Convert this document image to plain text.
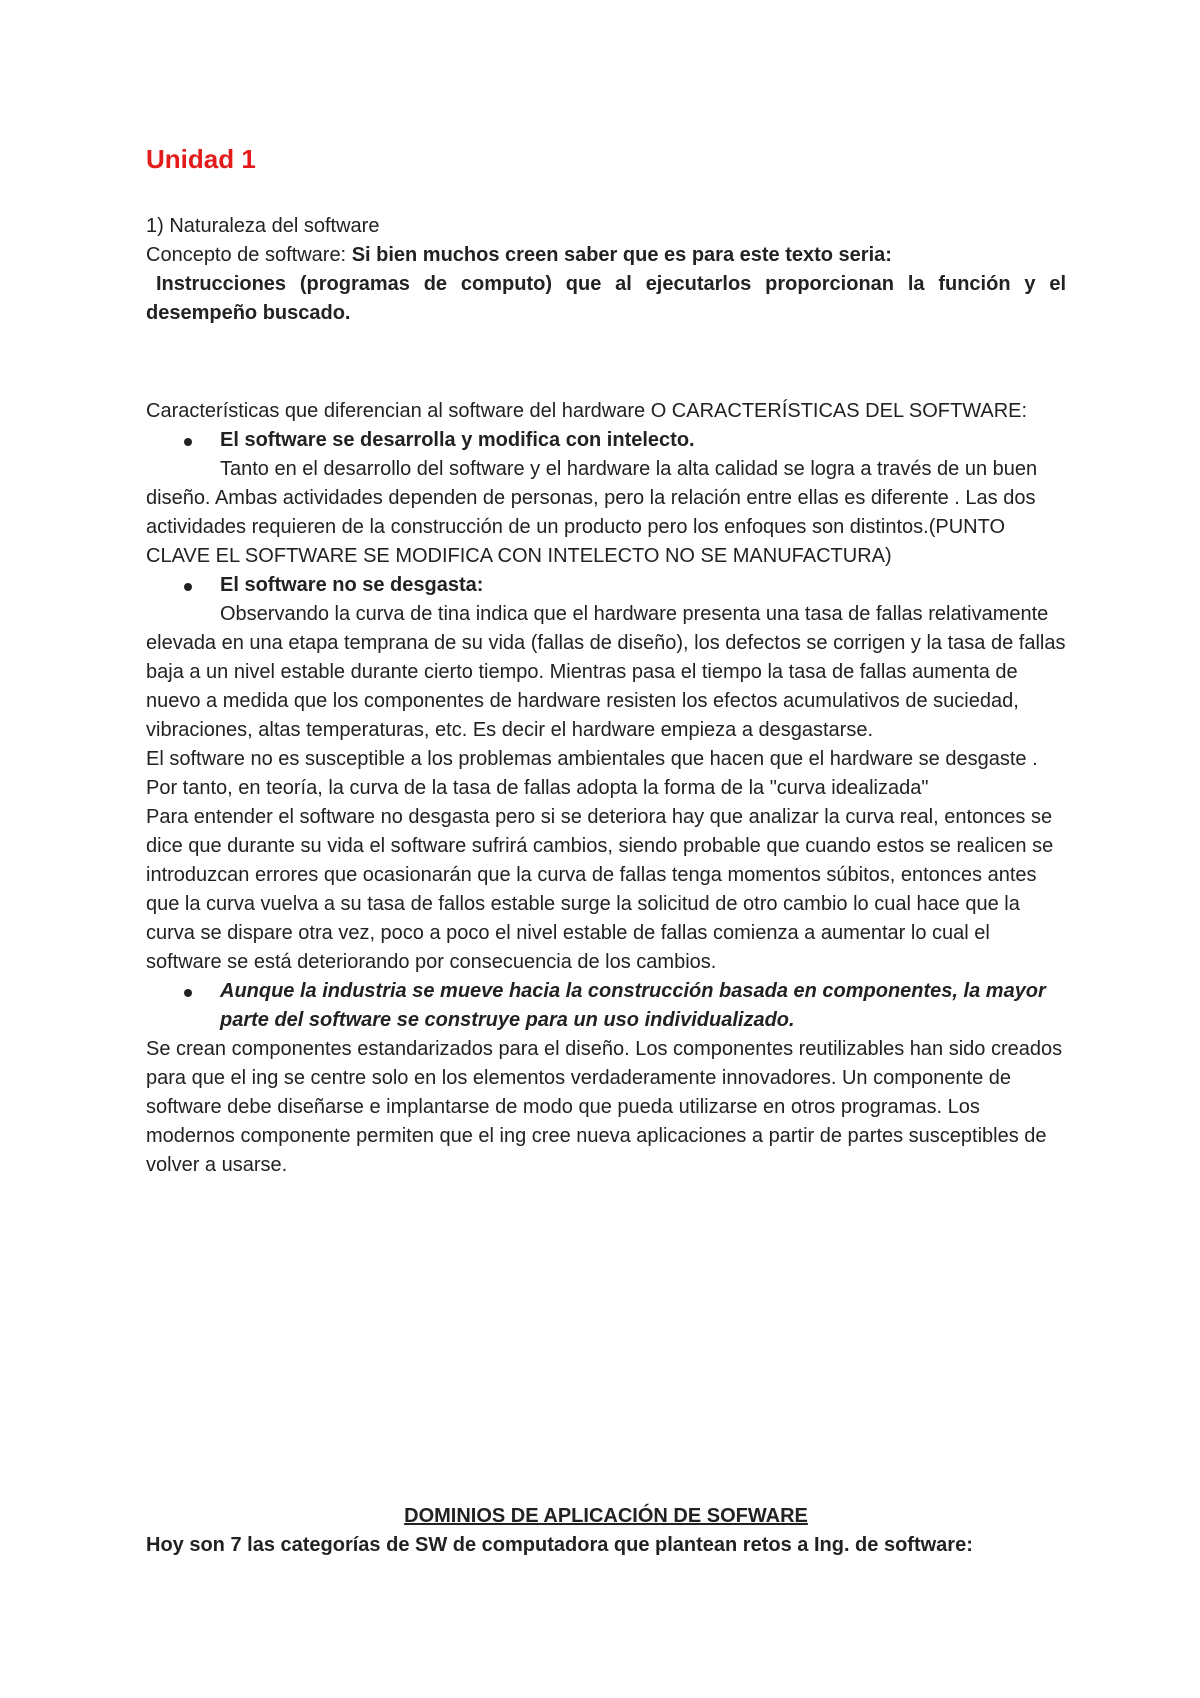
Unidad 1

1) Naturaleza del software

Concepto de software: Si bien muchos creen saber que es para este texto seria:

Instrucciones (programas de computo) que al ejecutarlos proporcionan la función y el desempeño buscado.

Características que diferencian al software del hardware O CARACTERÍSTICAS DEL SOFTWARE:

El software se desarrolla y modifica con intelecto.

Tanto en el desarrollo del software y el hardware la alta calidad se logra a través de un buen diseño. Ambas actividades dependen de personas, pero la relación entre ellas es diferente . Las dos actividades requieren de la construcción de un producto pero los enfoques son distintos.(PUNTO CLAVE EL SOFTWARE SE MODIFICA CON INTELECTO NO SE MANUFACTURA)

El software no se desgasta:

Observando la curva de tina indica que el hardware presenta una tasa de fallas relativamente elevada en una etapa temprana de su vida (fallas de diseño), los defectos se corrigen y la tasa de fallas baja a un nivel estable durante cierto tiempo. Mientras pasa el tiempo la tasa de fallas aumenta de nuevo a medida que los componentes de hardware resisten los efectos acumulativos de suciedad, vibraciones, altas temperaturas, etc. Es decir el hardware empieza a desgastarse.

El software no es susceptible a los problemas ambientales que hacen que el hardware se desgaste . Por tanto, en teoría, la curva de la tasa de fallas adopta la forma de la "curva idealizada"

Para entender el software no desgasta pero si se deteriora hay que analizar la curva real, entonces se dice que durante su vida el software sufrirá cambios, siendo probable que cuando estos se realicen se introduzcan errores que ocasionarán que la curva de fallas tenga momentos súbitos, entonces antes que la curva vuelva a su tasa de fallos estable surge la solicitud de otro cambio lo cual hace que la curva se dispare otra vez, poco a poco el nivel estable de fallas comienza a aumentar lo cual el software se está deteriorando por consecuencia de los cambios.

Aunque la industria se mueve hacia la construcción basada en componentes, la mayor parte del software se construye para un uso individualizado.

Se crean componentes estandarizados para el diseño. Los componentes reutilizables han sido creados para que el ing se centre solo en los elementos verdaderamente innovadores. Un componente de software debe diseñarse e implantarse de modo que pueda utilizarse en otros programas. Los modernos componente permiten que el ing cree nueva aplicaciones a partir de partes susceptibles de volver a usarse.

DOMINIOS DE APLICACIÓN DE SOFWARE

Hoy son 7 las categorías de SW de computadora que plantean retos a Ing. de software:
